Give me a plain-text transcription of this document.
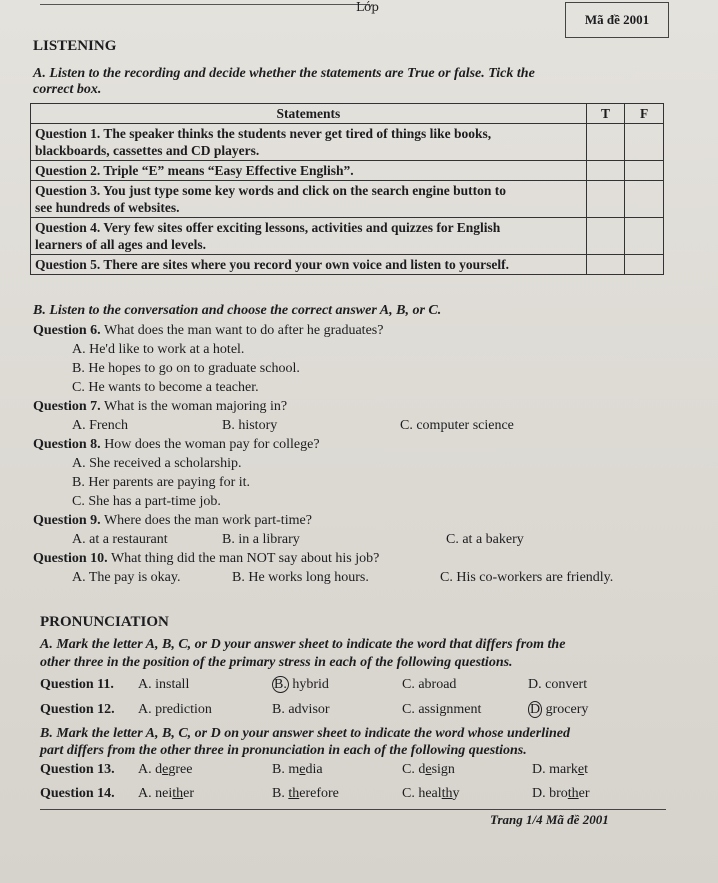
Lớp
Mã đề 2001
LISTENING
A. Listen to the recording and decide whether the statements are True or false. Tick the
correct box.
Statements	T	F

Question 1. The speaker thinks the students never get tired of things like books,
blackboards, cassettes and CD players.		

Question 2. Triple “E” means “Easy Effective English”.		

Question 3. You just type some key words and click on the search engine button to
see hundreds of websites.		

Question 4. Very few sites offer exciting lessons, activities and quizzes for English
learners of all ages and levels.		

Question 5. There are sites where you record your own voice and listen to yourself.		

B. Listen to the conversation and choose the correct answer A, B, or C.
Question 6. What does the man want to do after he graduates?
A. He'd like to work at a hotel.
B. He hopes to go on to graduate school.
C. He wants to become a teacher.
Question 7. What is the woman majoring in?
A. French	B. history	C. computer science
Question 8. How does the woman pay for college?
A. She received a scholarship.
B. Her parents are paying for it.
C. She has a part-time job.
Question 9. Where does the man work part-time?
A. at a restaurant	B. in a library	C. at a bakery
Question 10. What thing did the man NOT say about his job?
A. The pay is okay.	B. He works long hours.	C. His co-workers are friendly.
PRONUNCIATION
A. Mark the letter A, B, C, or D your answer sheet to indicate the word that differs from the
other three in the position of the primary stress in each of the following questions.
Question 11. A. install	B. hybrid	C. abroad	D. convert
Question 12. A. prediction	B. advisor	C. assignment	D grocery
B. Mark the letter A, B, C, or D on your answer sheet to indicate the word whose underlined
part differs from the other three in pronunciation in each of the following questions.
Question 13. A. degree	B. media	C. design	D. market
Question 14. A. neither	B. therefore	C. healthy	D. brother
Trang 1/4 Mã đề 2001
